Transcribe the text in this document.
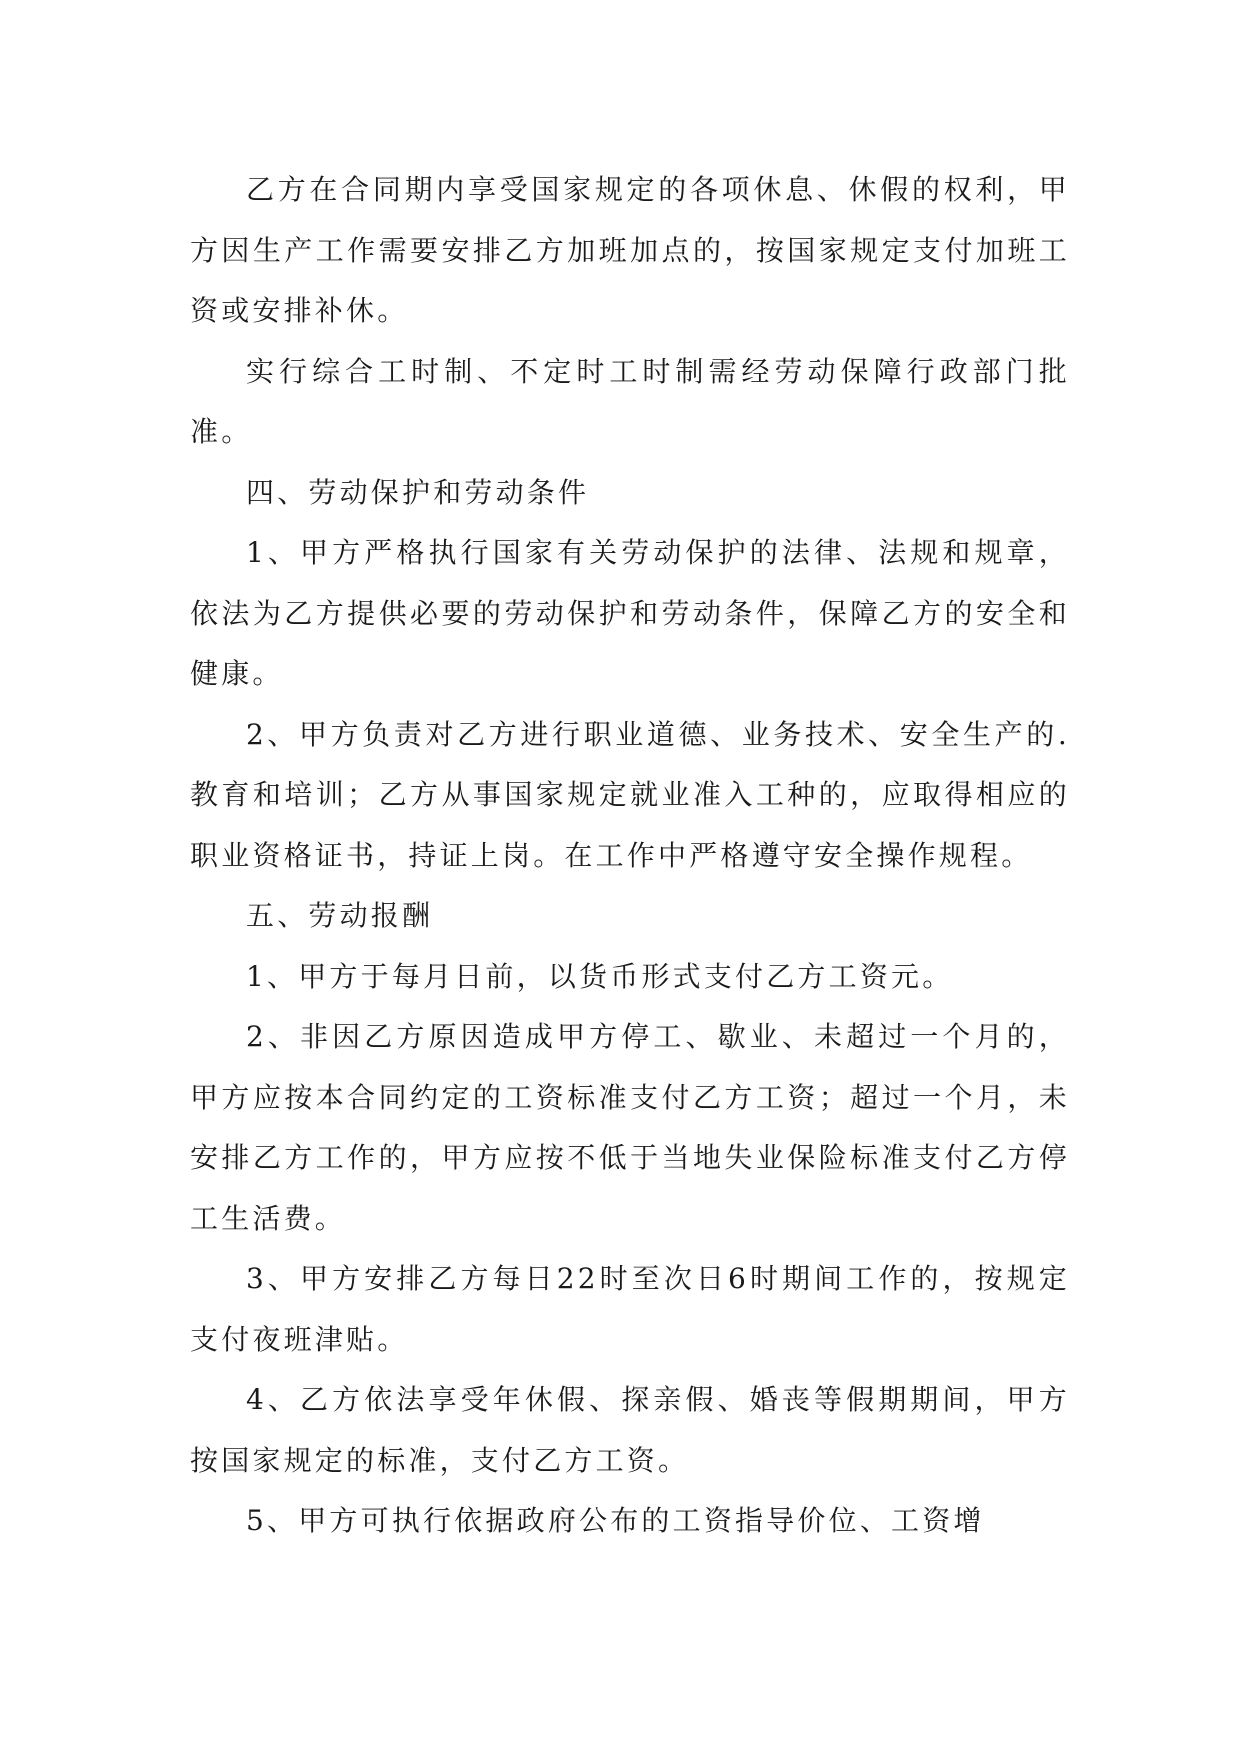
乙方在合同期内享受国家规定的各项休息、休假的权利，甲方因生产工作需要安排乙方加班加点的，按国家规定支付加班工资或安排补休。

实行综合工时制、不定时工时制需经劳动保障行政部门批准。

四、劳动保护和劳动条件

1、甲方严格执行国家有关劳动保护的法律、法规和规章，依法为乙方提供必要的劳动保护和劳动条件，保障乙方的安全和健康。

2、甲方负责对乙方进行职业道德、业务技术、安全生产的.教育和培训；乙方从事国家规定就业准入工种的，应取得相应的职业资格证书，持证上岗。在工作中严格遵守安全操作规程。

五、劳动报酬

1、甲方于每月日前，以货币形式支付乙方工资元。

2、非因乙方原因造成甲方停工、歇业、未超过一个月的，甲方应按本合同约定的工资标准支付乙方工资；超过一个月，未安排乙方工作的，甲方应按不低于当地失业保险标准支付乙方停工生活费。

3、甲方安排乙方每日22时至次日6时期间工作的，按规定支付夜班津贴。

4、乙方依法享受年休假、探亲假、婚丧等假期期间，甲方按国家规定的标准，支付乙方工资。

5、甲方可执行依据政府公布的工资指导价位、工资增
